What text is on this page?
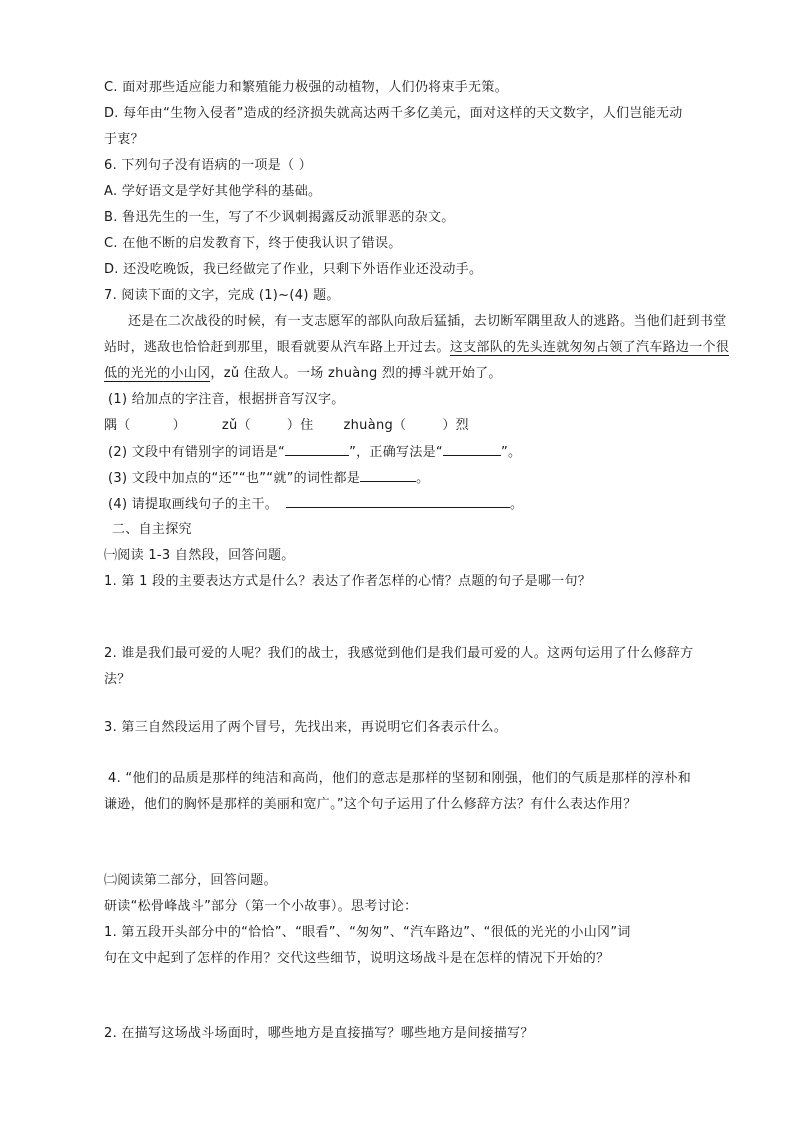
C. 面对那些适应能力和繁殖能力极强的动植物，人们仍将束手无策。
D. 每年由“生物入侵者”造成的经济损失就高达两千多亿美元，面对这样的天文数字，人们岂能无动
于衷？
6. 下列句子没有语病的一项是（ ）
A. 学好语文是学好其他学科的基础。
B. 鲁迅先生的一生，写了不少讽刺揭露反动派罪恶的杂文。
C. 在他不断的启发教育下，终于使我认识了错误。
D. 还没吃晚饭，我已经做完了作业，只剩下外语作业还没动手。
7. 阅读下面的文字，完成 (1)~(4) 题。
还是在二次战役的时候，有一支志愿军的部队向敌后猛插，去切断军隅里敌人的逃路。当他们赶到书堂
站时，逃敌也恰恰赶到那里，眼看就要从汽车路上开过去。这支部队的先头连就匆匆占领了汽车路边一个很
低的光光的小山冈，zǔ 住敌人。一场 zhuàng 烈的搏斗就开始了。
(1) 给加点的字注音，根据拼音写汉字。
隅（	）	zǔ（	）住 zhuàng（	）烈
(2) 文段中有错别字的词语是“	”，正确写法是“	”。
(3) 文段中加点的“还”“也”“就”的词性都是	。
(4) 请提取画线句子的主干。	。
二、自主探究
㈠阅读 1-3 自然段，回答问题。
1. 第 1 段的主要表达方式是什么？表达了作者怎样的心情？点题的句子是哪一句？
2. 谁是我们最可爱的人呢？我们的战士，我感觉到他们是我们最可爱的人。这两句运用了什么修辞方
法？
3. 第三自然段运用了两个冒号，先找出来，再说明它们各表示什么。
4. “他们的品质是那样的纯洁和高尚，他们的意志是那样的坚韧和刚强，他们的气质是那样的淳朴和
谦逊，他们的胸怀是那样的美丽和宽广。”这个句子运用了什么修辞方法？有什么表达作用？
㈡阅读第二部分，回答问题。
研读“松骨峰战斗”部分（第一个小故事）。思考讨论：
1. 第五段开头部分中的“恰恰”、“眼看”、“匆匆”、“汽车路边”、“很低的光光的小山冈”词
句在文中起到了怎样的作用？交代这些细节，说明这场战斗是在怎样的情况下开始的？
2. 在描写这场战斗场面时，哪些地方是直接描写？哪些地方是间接描写？
